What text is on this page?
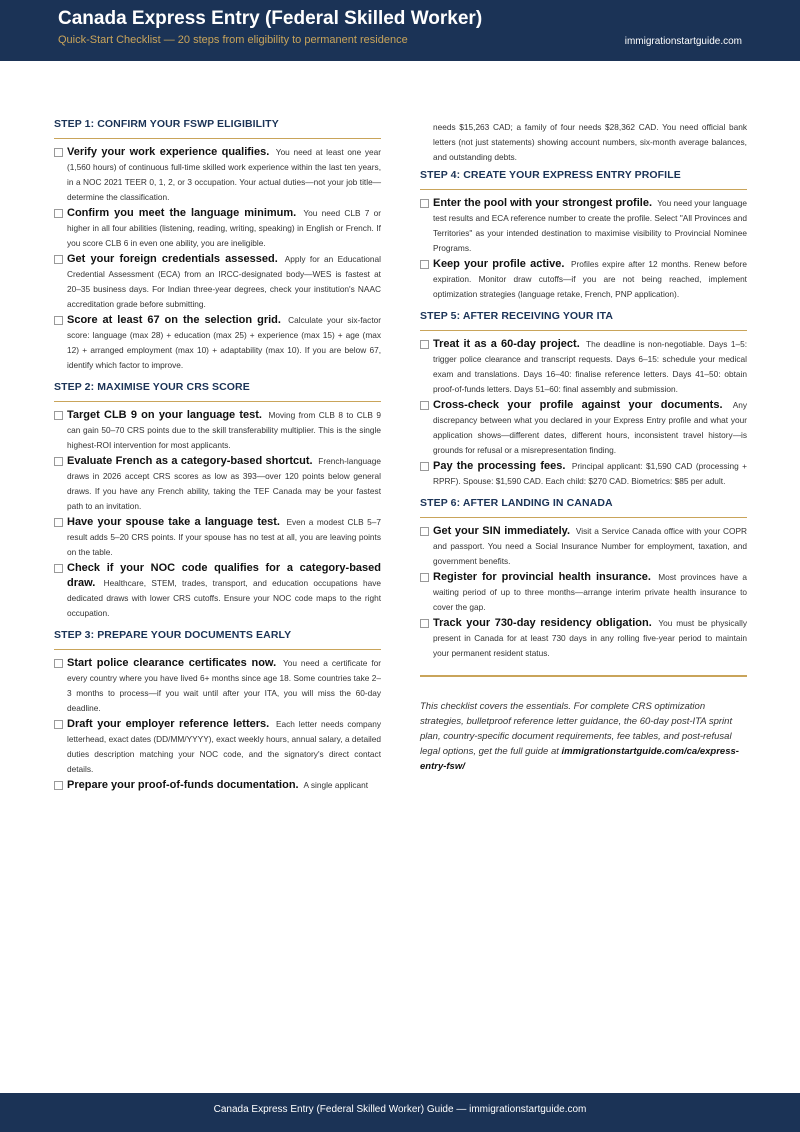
Canada Express Entry (Federal Skilled Worker)
Quick-Start Checklist — 20 steps from eligibility to permanent residence	immigrationstartguide.com
STEP 1: CONFIRM YOUR FSWP ELIGIBILITY
Verify your work experience qualifies. You need at least one year (1,560 hours) of continuous full-time skilled work experience within the last ten years, in a NOC 2021 TEER 0, 1, 2, or 3 occupation. Your actual duties—not your job title—determine the classification.
Confirm you meet the language minimum. You need CLB 7 or higher in all four abilities (listening, reading, writing, speaking) in English or French. If you score CLB 6 in even one ability, you are ineligible.
Get your foreign credentials assessed. Apply for an Educational Credential Assessment (ECA) from an IRCC-designated body—WES is fastest at 20–35 business days. For Indian three-year degrees, check your institution's NAAC accreditation grade before submitting.
Score at least 67 on the selection grid. Calculate your six-factor score: language (max 28) + education (max 25) + experience (max 15) + age (max 12) + arranged employment (max 10) + adaptability (max 10). If you are below 67, identify which factor to improve.
STEP 2: MAXIMISE YOUR CRS SCORE
Target CLB 9 on your language test. Moving from CLB 8 to CLB 9 can gain 50–70 CRS points due to the skill transferability multiplier. This is the single highest-ROI intervention for most applicants.
Evaluate French as a category-based shortcut. French-language draws in 2026 accept CRS scores as low as 393—over 120 points below general draws. If you have any French ability, taking the TEF Canada may be your fastest path to an invitation.
Have your spouse take a language test. Even a modest CLB 5–7 result adds 5–20 CRS points. If your spouse has no test at all, you are leaving points on the table.
Check if your NOC code qualifies for a category-based draw. Healthcare, STEM, trades, transport, and education occupations have dedicated draws with lower CRS cutoffs. Ensure your NOC code maps to the right occupation.
STEP 3: PREPARE YOUR DOCUMENTS EARLY
Start police clearance certificates now. You need a certificate for every country where you have lived 6+ months since age 18. Some countries take 2–3 months to process—if you wait until after your ITA, you will miss the 60-day deadline.
Draft your employer reference letters. Each letter needs company letterhead, exact dates (DD/MM/YYYY), exact weekly hours, annual salary, a detailed duties description matching your NOC code, and the signatory's direct contact details.
Prepare your proof-of-funds documentation. A single applicant
needs $15,263 CAD; a family of four needs $28,362 CAD. You need official bank letters (not just statements) showing account numbers, six-month average balances, and outstanding debts.
STEP 4: CREATE YOUR EXPRESS ENTRY PROFILE
Enter the pool with your strongest profile. You need your language test results and ECA reference number to create the profile. Select "All Provinces and Territories" as your intended destination to maximise visibility to Provincial Nominee Programs.
Keep your profile active. Profiles expire after 12 months. Renew before expiration. Monitor draw cutoffs—if you are not being reached, implement optimization strategies (language retake, French, PNP application).
STEP 5: AFTER RECEIVING YOUR ITA
Treat it as a 60-day project. The deadline is non-negotiable. Days 1–5: trigger police clearance and transcript requests. Days 6–15: schedule your medical exam and translations. Days 16–40: finalise reference letters. Days 41–50: obtain proof-of-funds letters. Days 51–60: final assembly and submission.
Cross-check your profile against your documents. Any discrepancy between what you declared in your Express Entry profile and what your application shows—different dates, different hours, inconsistent travel history—is grounds for refusal or a misrepresentation finding.
Pay the processing fees. Principal applicant: $1,590 CAD (processing + RPRF). Spouse: $1,590 CAD. Each child: $270 CAD. Biometrics: $85 per adult.
STEP 6: AFTER LANDING IN CANADA
Get your SIN immediately. Visit a Service Canada office with your COPR and passport. You need a Social Insurance Number for employment, taxation, and government benefits.
Register for provincial health insurance. Most provinces have a waiting period of up to three months—arrange interim private health insurance to cover the gap.
Track your 730-day residency obligation. You must be physically present in Canada for at least 730 days in any rolling five-year period to maintain your permanent resident status.
This checklist covers the essentials. For complete CRS optimization strategies, bulletproof reference letter guidance, the 60-day post-ITA sprint plan, country-specific document requirements, fee tables, and post-refusal legal options, get the full guide at immigrationstartguide.com/ca/express-entry-fsw/
Canada Express Entry (Federal Skilled Worker) Guide — immigrationstartguide.com
